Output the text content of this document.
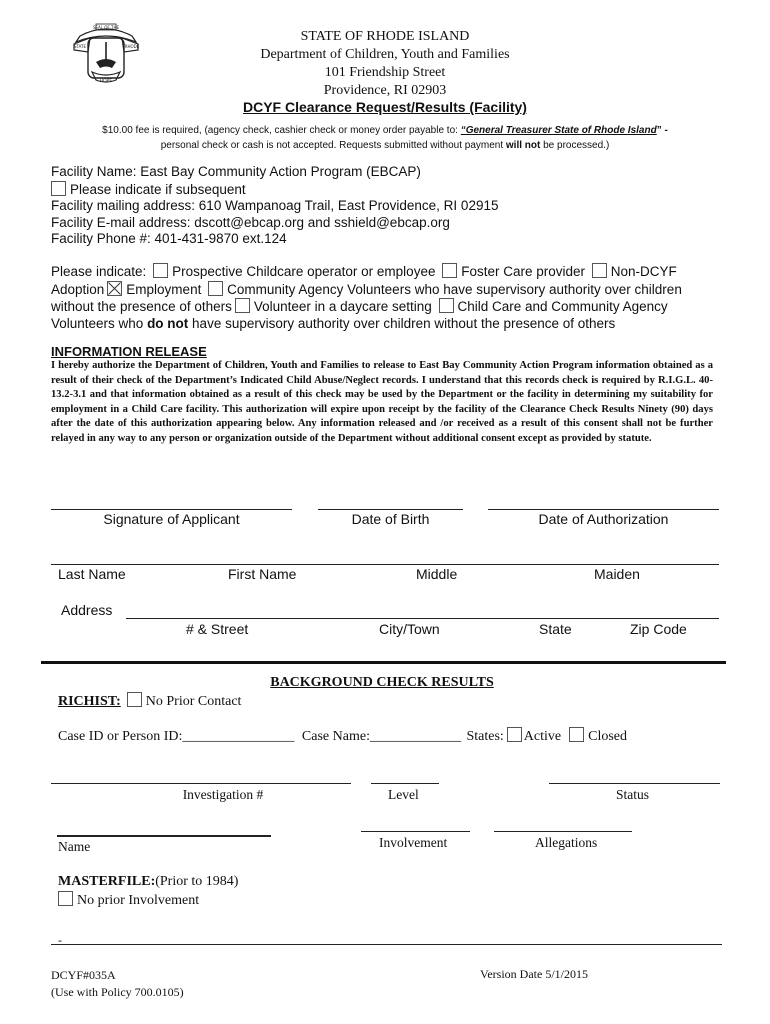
SEAL OF THE
STATE	RHODE
HOPE
STATE OF RHODE ISLAND
Department of Children, Youth and Families
101 Friendship Street
Providence, RI 02903
DCYF Clearance Request/Results (Facility)
$10.00 fee is required, (agency check, cashier check or money order payable to: “General Treasurer State of Rhode Island” -
personal check or cash is not accepted. Requests submitted without payment will not be processed.)
Facility Name: East Bay Community Action Program (EBCAP)
Please indicate if subsequent
Facility mailing address: 610 Wampanoag Trail, East Providence, RI 02915
Facility E-mail address: dscott@ebcap.org and sshield@ebcap.org
Facility Phone #: 401-431-9870 ext.124
Please indicate: Prospective Childcare operator or employee Foster Care provider Non-DCYF
Adoption Employment Community Agency Volunteers who have supervisory authority over children
without the presence of others Volunteer in a daycare setting Child Care and Community Agency
Volunteers who do not have supervisory authority over children without the presence of others
INFORMATION RELEASE
I hereby authorize the Department of Children, Youth and Families to release to East Bay Community Action Program information obtained as a result of their check of the Department’s Indicated Child Abuse/Neglect records. I understand that this records check is required by R.I.G.L. 40-13.2-3.1 and that information obtained as a result of this check may be used by the Department or the facility in determining my suitability for employment in a Child Care facility. This authorization will expire upon receipt by the facility of the Clearance Check Results Ninety (90) days after the date of this authorization appearing below. Any information released and /or received as a result of this consent shall not be further relayed in any way to any person or organization outside of the Department without additional consent except as provided by statute.
Signature of Applicant	Date of Birth	Date of Authorization
Last Name	First Name	Middle	Maiden
Address
# & Street	City/Town	State	Zip Code
BACKGROUND CHECK RESULTS
RICHIST: No Prior Contact
Case ID or Person ID:________________ Case Name:_____________ States: Active Closed
Investigation #	Level	Status
Name	Involvement	Allegations
MASTERFILE:(Prior to 1984)
No prior Involvement
-
DCYF#035A
(Use with Policy 700.0105)
Version Date 5/1/2015
